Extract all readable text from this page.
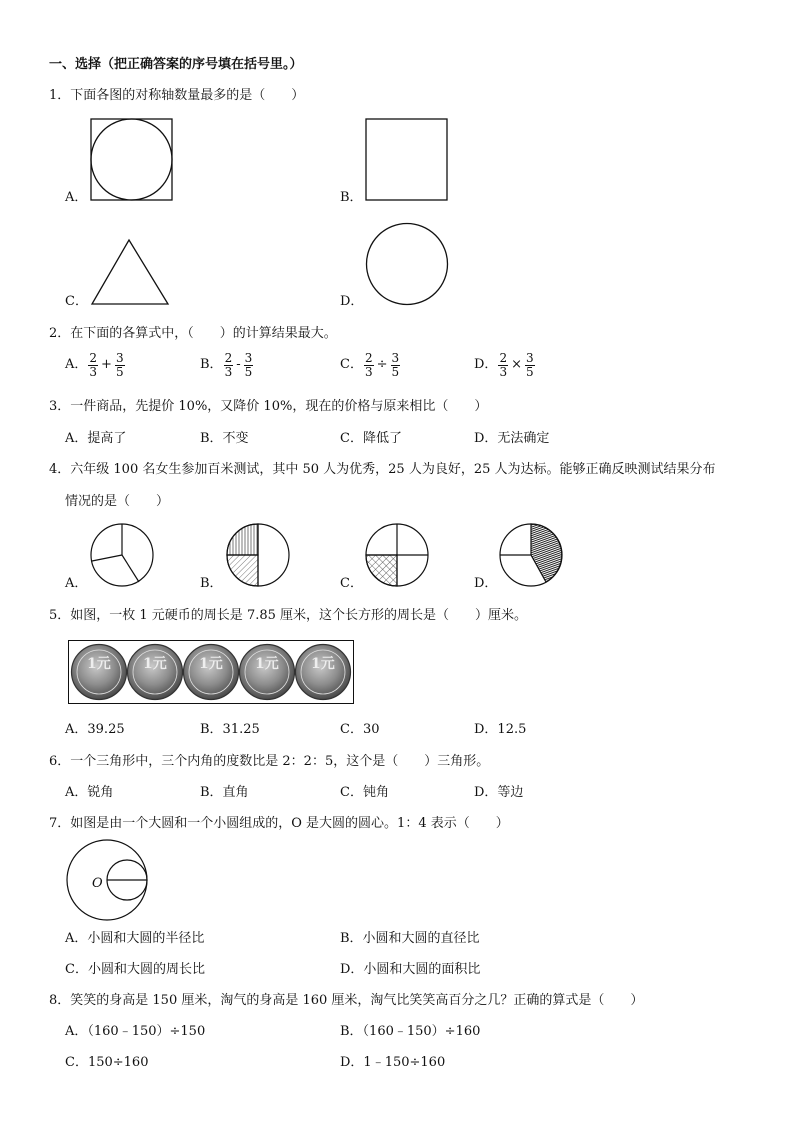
一、选择（把正确答案的序号填在括号里。）
1．下面各图的对称轴数量最多的是（　　）
A．	B．
C．	D．
2．在下面的各算式中，（　　）的计算结果最大。
A． $\frac{2}{3} + \frac{3}{5}$	B． $\frac{2}{3} - \frac{3}{5}$	C． $\frac{2}{3} \div \frac{3}{5}$	D． $\frac{2}{3} \times \frac{3}{5}$
3．一件商品，先提价 10%，又降价 10%，现在的价格与原来相比（　　）
A．提高了	B．不变	C．降低了	D．无法确定
4．六年级 100 名女生参加百米测试，其中 50 人为优秀，25 人为良好，25 人为达标。能够正确反映测试结果分布
情况的是（　　）
A．	B．	C．	D．
5．如图，一枚 1 元硬币的周长是 7.85 厘米，这个长方形的周长是（　　）厘米。
1元 1元 1元 1元 1元
A．39.25	B．31.25	C．30	D．12.5
6．一个三角形中，三个内角的度数比是 2：2：5，这个是（　　）三角形。
A．锐角	B．直角	C．钝角	D．等边
7．如图是由一个大圆和一个小圆组成的，O 是大圆的圆心。1：4 表示（　　）
O
A．小圆和大圆的半径比	B．小圆和大圆的直径比
C．小圆和大圆的周长比	D．小圆和大圆的面积比
8．笑笑的身高是 150 厘米，淘气的身高是 160 厘米，淘气比笑笑高百分之几？正确的算式是（　　）
A．（160﹣150）÷150	B．（160﹣150）÷160
C．150÷160	D．1﹣150÷160
